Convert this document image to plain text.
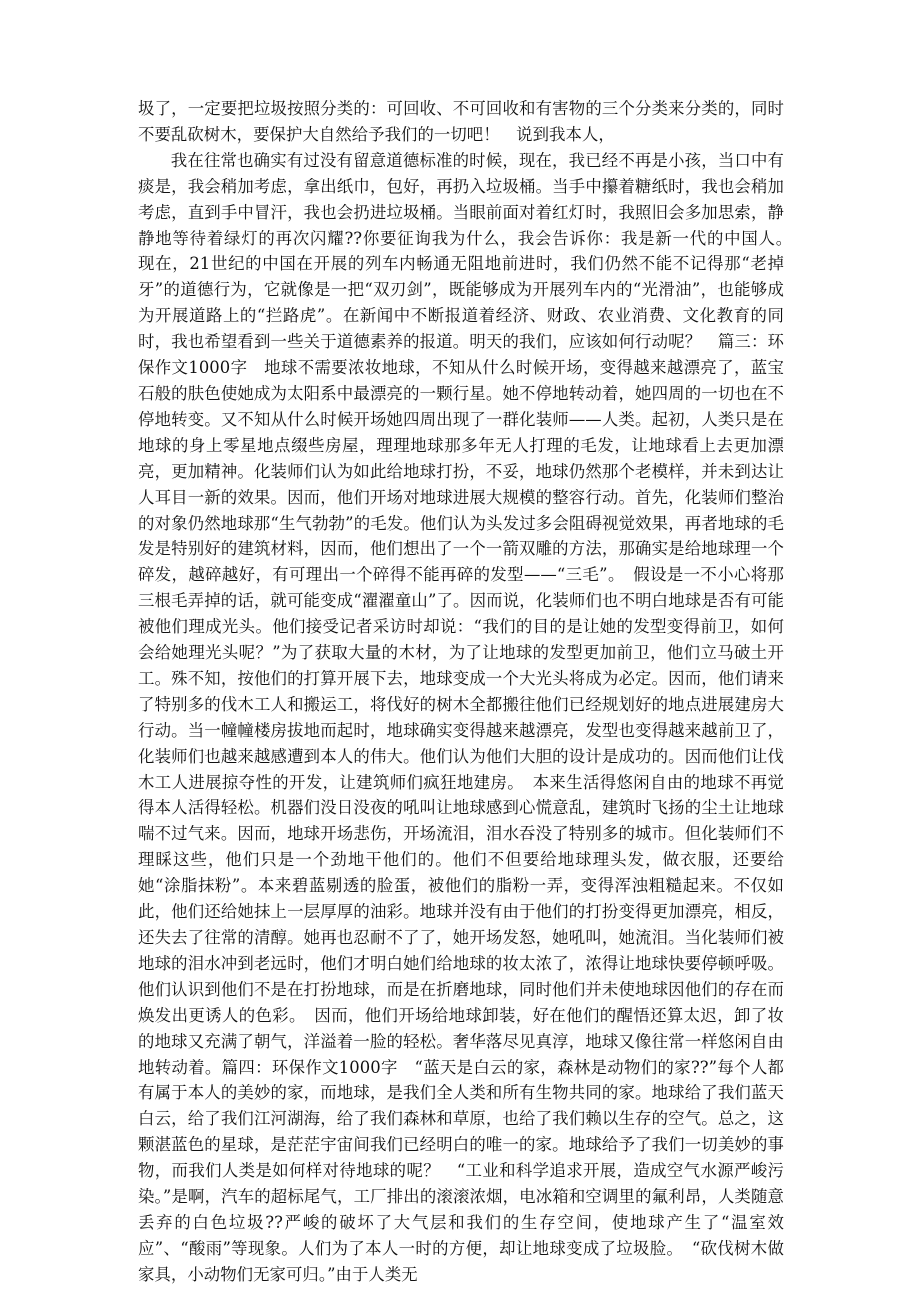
圾了，一定要把垃圾按照分类的：可回收、不可回收和有害物的三个分类来分类的，同时不要乱砍树木，要保护大自然给予我们的一切吧！　说到我本人，

我在往常也确实有过没有留意道德标准的时候，现在，我已经不再是小孩，当口中有痰是，我会稍加考虑，拿出纸巾，包好，再扔入垃圾桶。当手中攥着糖纸时，我也会稍加考虑，直到手中冒汗，我也会扔进垃圾桶。当眼前面对着红灯时，我照旧会多加思索，静静地等待着绿灯的再次闪耀??你要征询我为什么，我会告诉你：我是新一代的中国人。　现在，21世纪的中国在开展的列车内畅通无阻地前进时，我们仍然不能不记得那“老掉牙”的道德行为，它就像是一把“双刃剑”，既能够成为开展列车内的“光滑油”，也能够成为开展道路上的“拦路虎”。在新闻中不断报道着经济、财政、农业消费、文化教育的同时，我也希望看到一些关于道德素养的报道。明天的我们，应该如何行动呢？　篇三：环保作文1000字　地球不需要浓妆地球，不知从什么时候开场，变得越来越漂亮了，蓝宝石般的肤色使她成为太阳系中最漂亮的一颗行星。她不停地转动着，她四周的一切也在不停地转变。又不知从什么时候开场她四周出现了一群化装师——人类。起初，人类只是在地球的身上零星地点缀些房屋，理理地球那多年无人打理的毛发，让地球看上去更加漂亮，更加精神。化装师们认为如此给地球打扮，不妥，地球仍然那个老模样，并未到达让人耳目一新的效果。因而，他们开场对地球进展大规模的整容行动。首先，化装师们整治的对象仍然地球那“生气勃勃”的毛发。他们认为头发过多会阻碍视觉效果，再者地球的毛发是特别好的建筑材料，因而，他们想出了一个一箭双雕的方法，那确实是给地球理一个碎发，越碎越好，有可理出一个碎得不能再碎的发型——“三毛”。　假设是一不小心将那三根毛弄掉的话，就可能变成“濯濯童山”了。因而说，化装师们也不明白地球是否有可能被他们理成光头。他们接受记者采访时却说：“我们的目的是让她的发型变得前卫，如何会给她理光头呢？”为了获取大量的木材，为了让地球的发型更加前卫，他们立马破土开工。殊不知，按他们的打算开展下去，地球变成一个大光头将成为必定。因而，他们请来了特别多的伐木工人和搬运工，将伐好的树木全都搬往他们已经规划好的地点进展建房大行动。当一幢幢楼房拔地而起时，地球确实变得越来越漂亮，发型也变得越来越前卫了，化装师们也越来越感遭到本人的伟大。他们认为他们大胆的设计是成功的。因而他们让伐木工人进展掠夺性的开发，让建筑师们疯狂地建房。　本来生活得悠闲自由的地球不再觉得本人活得轻松。机器们没日没夜的吼叫让地球感到心慌意乱，建筑时飞扬的尘土让地球喘不过气来。因而，地球开场悲伤，开场流泪，泪水吞没了特别多的城市。但化装师们不理睬这些，他们只是一个劲地干他们的。他们不但要给地球理头发，做衣服，还要给她“涂脂抹粉”。本来碧蓝剔透的脸蛋，被他们的脂粉一弄，变得浑浊粗糙起来。不仅如此，他们还给她抹上一层厚厚的油彩。地球并没有由于他们的打扮变得更加漂亮，相反，还失去了往常的清醇。她再也忍耐不了了，她开场发怒，她吼叫，她流泪。当化装师们被地球的泪水冲到老远时，他们才明白她们给地球的妆太浓了，浓得让地球快要停顿呼吸。他们认识到他们不是在打扮地球，而是在折磨地球，同时他们并未使地球因他们的存在而焕发出更诱人的色彩。　因而，他们开场给地球卸装，好在他们的醒悟还算太迟，卸了妆的地球又充满了朝气，洋溢着一脸的轻松。奢华落尽见真淳，地球又像往常一样悠闲自由地转动着。篇四：环保作文1000字　“蓝天是白云的家，森林是动物们的家??”每个人都有属于本人的美妙的家，而地球，是我们全人类和所有生物共同的家。地球给了我们蓝天白云，给了我们江河湖海，给了我们森林和草原，也给了我们赖以生存的空气。总之，这颗湛蓝色的星球，是茫茫宇宙间我们已经明白的唯一的家。地球给予了我们一切美妙的事物，而我们人类是如何样对待地球的呢？　“工业和科学追求开展，造成空气水源严峻污染。”是啊，汽车的超标尾气，工厂排出的滚滚浓烟，电冰箱和空调里的氟利昂，人类随意丢弃的白色垃圾??严峻的破坏了大气层和我们的生存空间，使地球产生了“温室效应”、“酸雨”等现象。人们为了本人一时的方便，却让地球变成了垃圾脸。　“砍伐树木做家具，小动物们无家可归。”由于人类无
